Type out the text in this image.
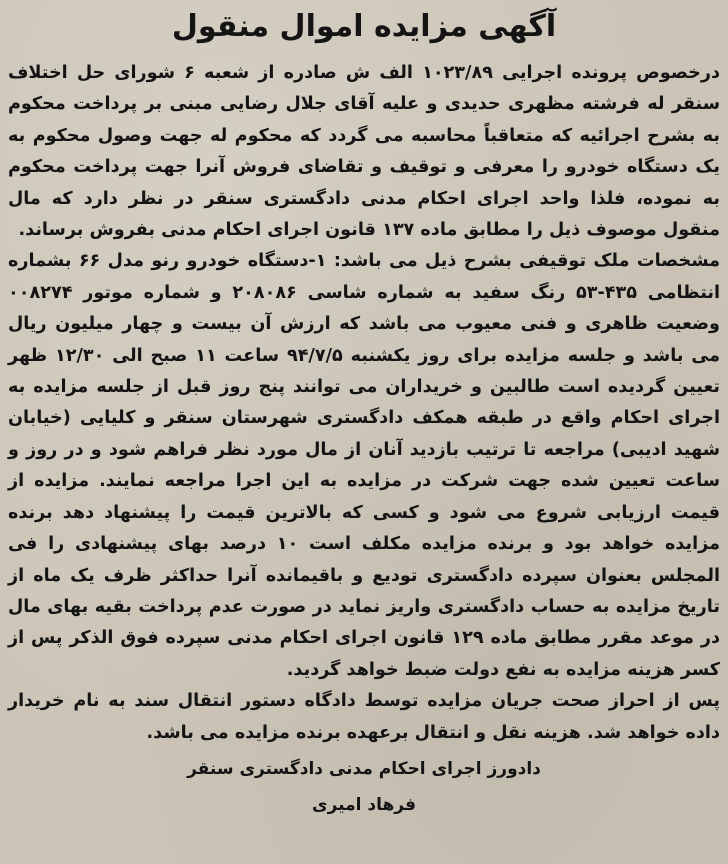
آگهی مزایده اموال منقول

درخصوص پرونده اجرایی ۱۰۲۳/۸۹ الف ش صادره از شعبه ۶ شورای حل اختلاف سنقر له فرشته مظهری حدیدی و علیه آقای جلال رضایی مبنی بر پرداخت محکوم به بشرح اجرائیه که متعاقباً محاسبه می گردد که محکوم له جهت وصول محکوم به یک دستگاه خودرو را معرفی و توقیف و تقاضای فروش آنرا جهت پرداخت محکوم به نموده، فلذا واحد اجرای احکام مدنی دادگستری سنقر در نظر دارد که مال منقول موصوف ذیل را مطابق ماده ۱۳۷ قانون اجرای احکام مدنی بفروش برساند.

مشخصات ملک توقیفی بشرح ذیل می باشد: ۱-دستگاه خودرو رنو مدل ۶۶ بشماره انتظامی ۴۳۵-۵۳ رنگ سفید به شماره شاسی ۲۰۸۰۸۶ و شماره موتور ۰۰۸۲۷۴ وضعیت ظاهری و فنی معیوب می باشد که ارزش آن بیست و چهار میلیون ریال می باشد و جلسه مزایده برای روز یکشنبه ۹۴/۷/۵ ساعت ۱۱ صبح الی ۱۲/۳۰ ظهر تعیین گردیده است طالبین و خریداران می توانند پنج روز قبل از جلسه مزایده به اجرای احکام واقع در طبقه همکف دادگستری شهرستان سنقر و کلیایی (خیابان شهید ادیبی) مراجعه تا ترتیب بازدید آنان از مال مورد نظر فراهم شود و در روز و ساعت تعیین شده جهت شرکت در مزایده به این اجرا مراجعه نمایند. مزایده از قیمت ارزیابی شروع می شود و کسی که بالاترین قیمت را پیشنهاد دهد برنده مزایده خواهد بود و برنده مزایده مکلف است ۱۰ درصد بهای پیشنهادی را فی المجلس بعنوان سپرده دادگستری تودیع و باقیمانده آنرا حداکثر ظرف یک ماه از تاریخ مزایده به حساب دادگستری واریز نماید در صورت عدم پرداخت بقیه بهای مال در موعد مقرر مطابق ماده ۱۲۹ قانون اجرای احکام مدنی سپرده فوق الذکر پس از کسر هزینه مزایده به نفع دولت ضبط خواهد گردید.

پس از احراز صحت جریان مزایده توسط دادگاه دستور انتقال سند به نام خریدار داده خواهد شد. هزینه نقل و انتقال برعهده برنده مزایده می باشد.

دادورز اجرای احکام مدنی دادگستری سنقر

فرهاد امیری
